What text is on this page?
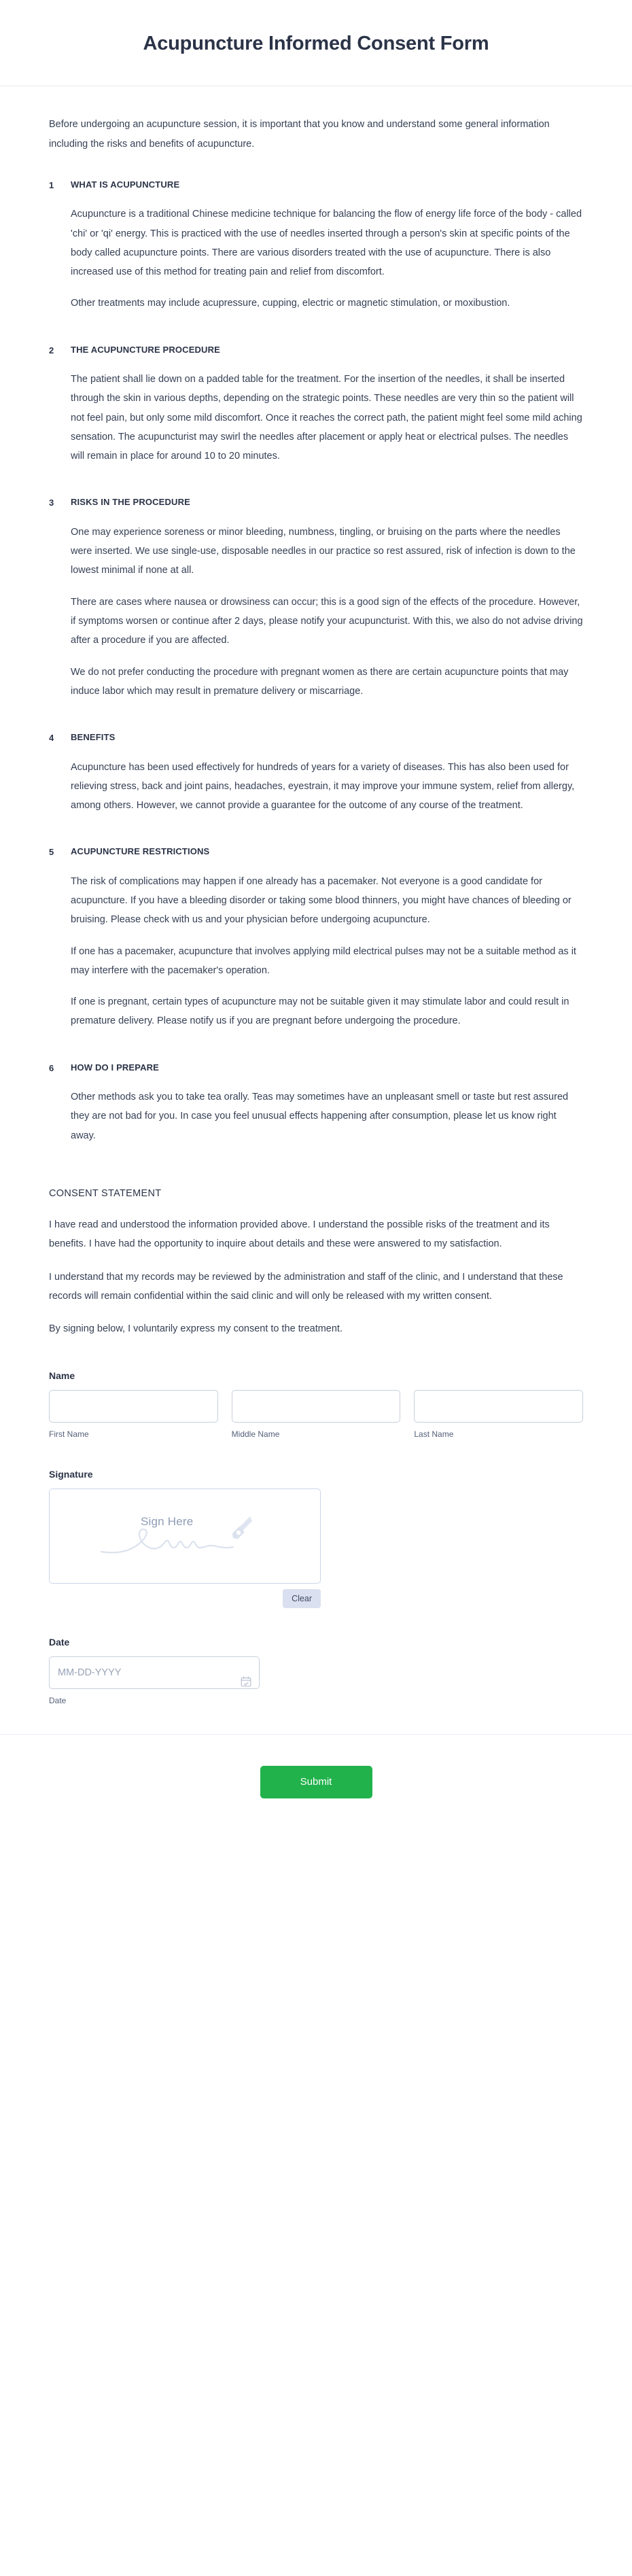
Acupuncture Informed Consent Form

Before undergoing an acupuncture session, it is important that you know and understand some general information including the risks and benefits of acupuncture.

1	WHAT IS ACUPUNCTURE

Acupuncture is a traditional Chinese medicine technique for balancing the flow of energy life force of the body - called 'chi' or 'qi' energy. This is practiced with the use of needles inserted through a person's skin at specific points of the body called acupuncture points. There are various disorders treated with the use of acupuncture. There is also increased use of this method for treating pain and relief from discomfort.

Other treatments may include acupressure, cupping, electric or magnetic stimulation, or moxibustion.

2	THE ACUPUNCTURE PROCEDURE

The patient shall lie down on a padded table for the treatment. For the insertion of the needles, it shall be inserted through the skin in various depths, depending on the strategic points. These needles are very thin so the patient will not feel pain, but only some mild discomfort. Once it reaches the correct path, the patient might feel some mild aching sensation. The acupuncturist may swirl the needles after placement or apply heat or electrical pulses. The needles will remain in place for around 10 to 20 minutes.

3	RISKS IN THE PROCEDURE

One may experience soreness or minor bleeding, numbness, tingling, or bruising on the parts where the needles were inserted. We use single-use, disposable needles in our practice so rest assured, risk of infection is down to the lowest minimal if none at all.

There are cases where nausea or drowsiness can occur; this is a good sign of the effects of the procedure. However, if symptoms worsen or continue after 2 days, please notify your acupuncturist. With this, we also do not advise driving after a procedure if you are affected.

We do not prefer conducting the procedure with pregnant women as there are certain acupuncture points that may induce labor which may result in premature delivery or miscarriage.

4	BENEFITS

Acupuncture has been used effectively for hundreds of years for a variety of diseases. This has also been used for relieving stress, back and joint pains, headaches, eyestrain, it may improve your immune system, relief from allergy, among others. However, we cannot provide a guarantee for the outcome of any course of the treatment.

5	ACUPUNCTURE RESTRICTIONS

The risk of complications may happen if one already has a pacemaker. Not everyone is a good candidate for acupuncture. If you have a bleeding disorder or taking some blood thinners, you might have chances of bleeding or bruising. Please check with us and your physician before undergoing acupuncture.

If one has a pacemaker, acupuncture that involves applying mild electrical pulses may not be a suitable method as it may interfere with the pacemaker's operation.

If one is pregnant, certain types of acupuncture may not be suitable given it may stimulate labor and could result in premature delivery. Please notify us if you are pregnant before undergoing the procedure.

6	HOW DO I PREPARE

Other methods ask you to take tea orally. Teas may sometimes have an unpleasant smell or taste but rest assured they are not bad for you. In case you feel unusual effects happening after consumption, please let us know right away.

CONSENT STATEMENT

I have read and understood the information provided above. I understand the possible risks of the treatment and its benefits. I have had the opportunity to inquire about details and these were answered to my satisfaction.

I understand that my records may be reviewed by the administration and staff of the clinic, and I understand that these records will remain confidential within the said clinic and will only be released with my written consent.

By signing below, I voluntarily express my consent to the treatment.

Name
First Name	Middle Name	Last Name
Signature
Sign Here
Clear
Date
MM-DD-YYYY
Date
Submit
